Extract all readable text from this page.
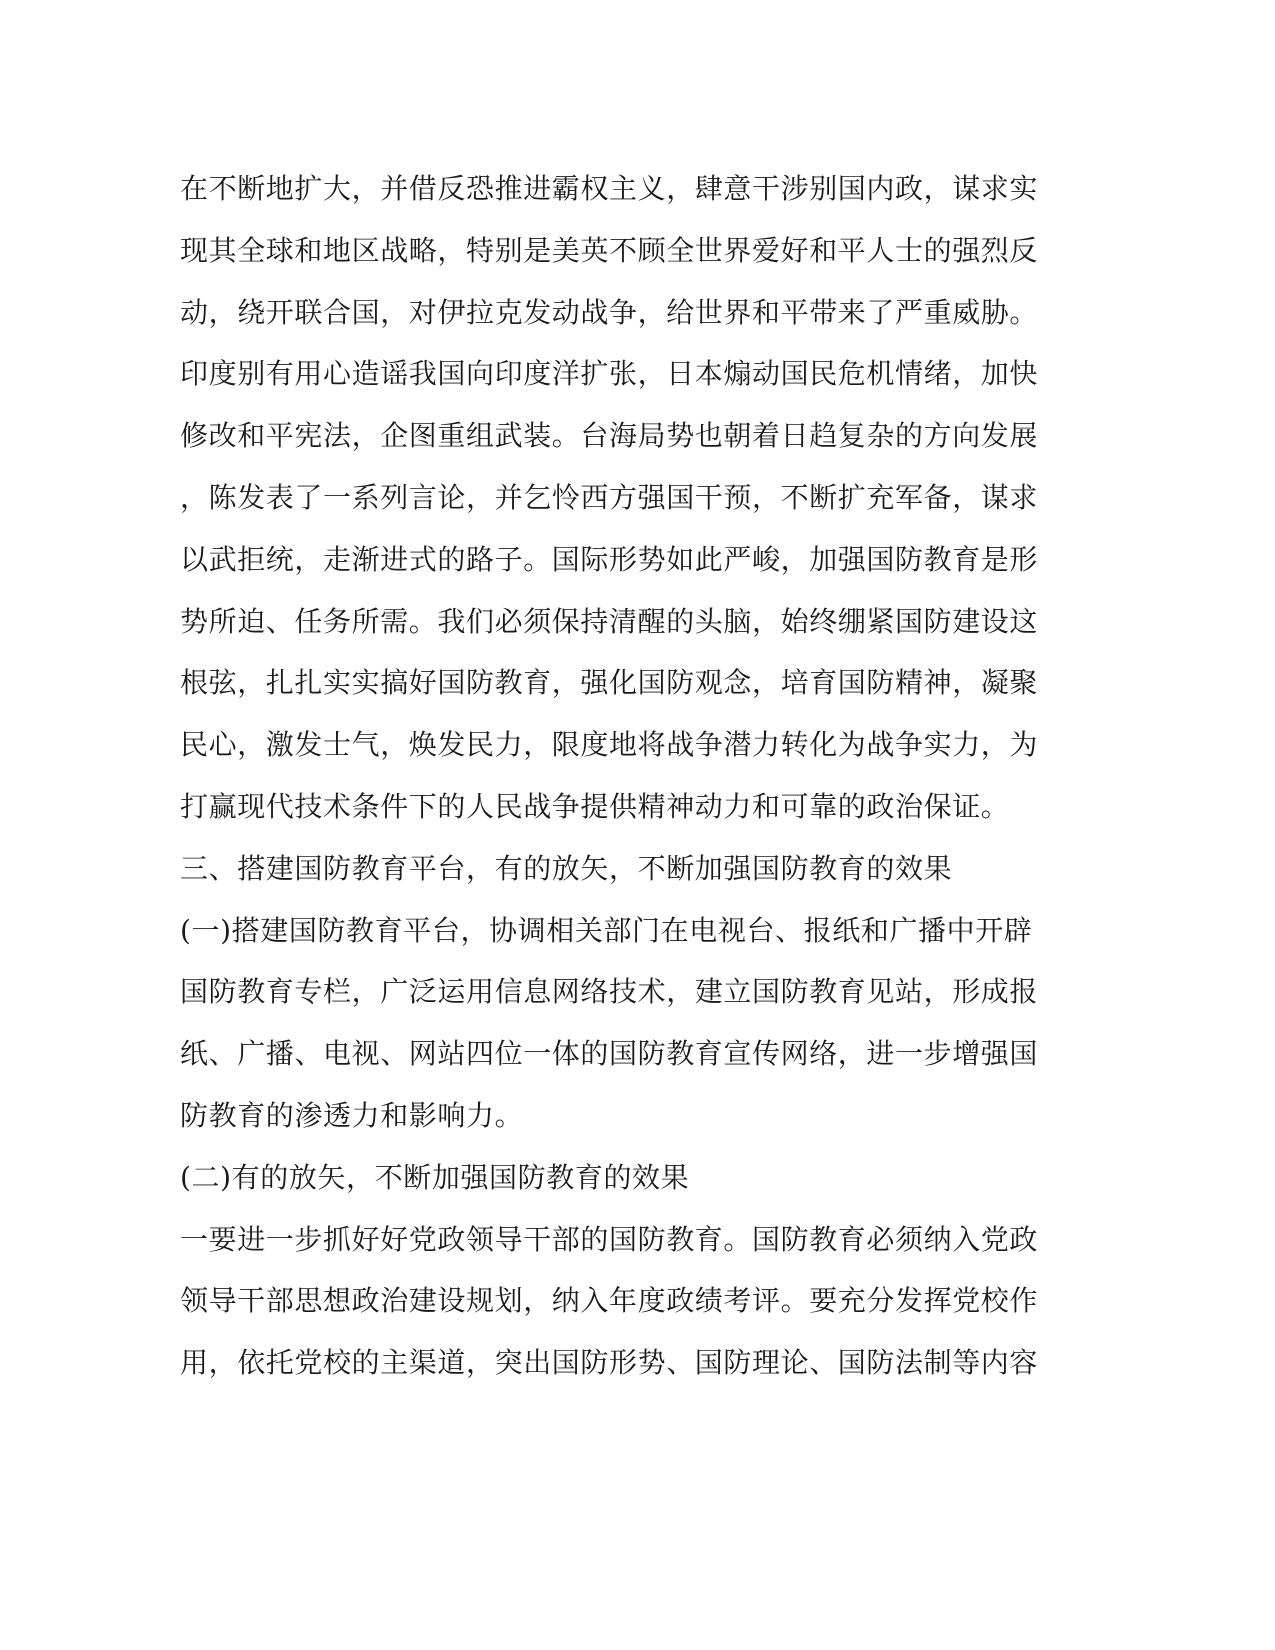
在不断地扩大，并借反恐推进霸权主义，肆意干涉别国内政，谋求实
现其全球和地区战略，特别是美英不顾全世界爱好和平人士的强烈反
动，绕开联合国，对伊拉克发动战争，给世界和平带来了严重威胁。
印度别有用心造谣我国向印度洋扩张，日本煽动国民危机情绪，加快
修改和平宪法，企图重组武装。台海局势也朝着日趋复杂的方向发展
，陈发表了一系列言论，并乞怜西方强国干预，不断扩充军备，谋求
以武拒统，走渐进式的路子。国际形势如此严峻，加强国防教育是形
势所迫、任务所需。我们必须保持清醒的头脑，始终绷紧国防建设这
根弦，扎扎实实搞好国防教育，强化国防观念，培育国防精神，凝聚
民心，激发士气，焕发民力，限度地将战争潜力转化为战争实力，为
打赢现代技术条件下的人民战争提供精神动力和可靠的政治保证。
三、搭建国防教育平台，有的放矢，不断加强国防教育的效果
(一)搭建国防教育平台，协调相关部门在电视台、报纸和广播中开辟
国防教育专栏，广泛运用信息网络技术，建立国防教育见站，形成报
纸、广播、电视、网站四位一体的国防教育宣传网络，进一步增强国
防教育的渗透力和影响力。
(二)有的放矢，不断加强国防教育的效果
一要进一步抓好好党政领导干部的国防教育。国防教育必须纳入党政
领导干部思想政治建设规划，纳入年度政绩考评。要充分发挥党校作
用，依托党校的主渠道，突出国防形势、国防理论、国防法制等内容
